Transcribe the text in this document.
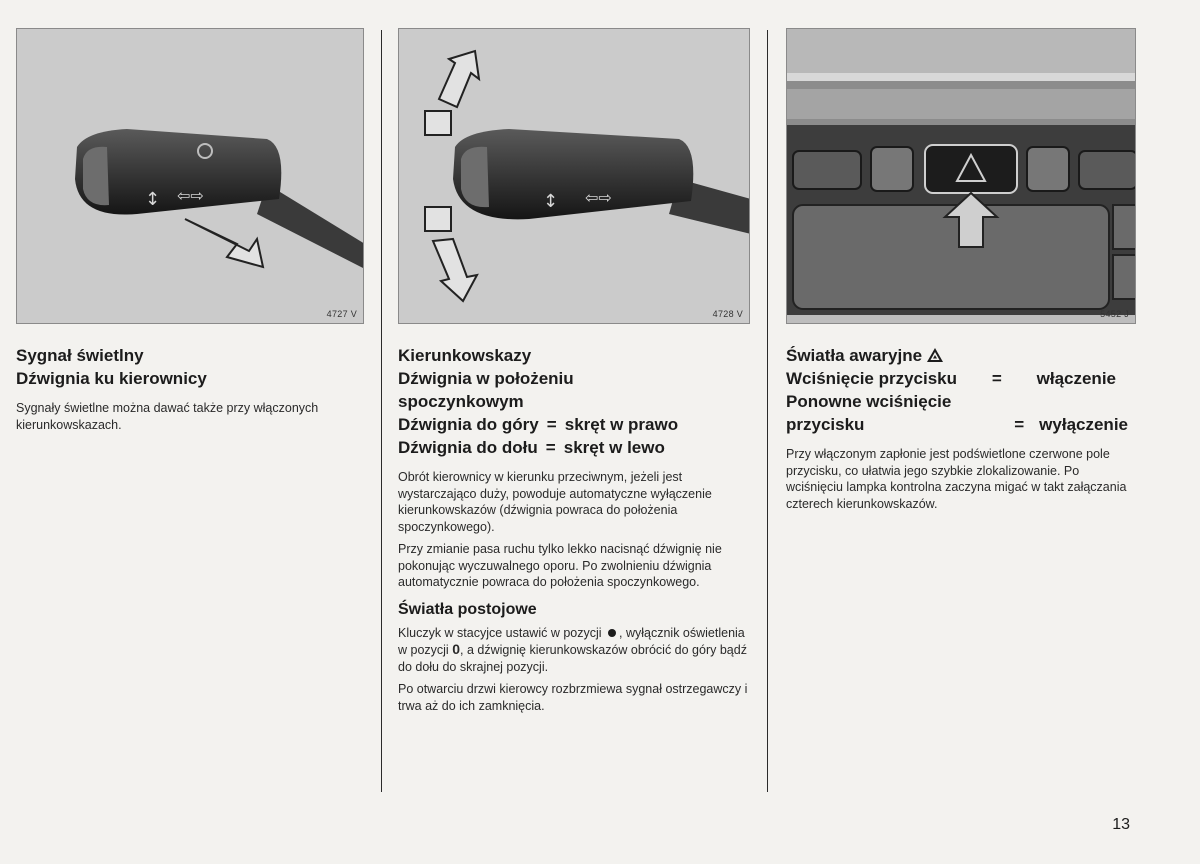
⇦⇨
↕
4727 V

Sygnał świetlny

Dźwignia ku kierownicy

Sygnały świetlne można dawać także przy włączonych kierunkowskazach.

⇦⇨
↕
4728 V

Kierunkowskazy

Dźwignia w położeniu

spoczynkowym

Dźwignia do góry = skręt w prawo
Dźwignia do dołu = skręt w lewo

Obrót kierownicy w kierunku przeciwnym, jeżeli jest wystarczająco duży, powoduje automatyczne wyłączenie kierunkowskazów (dźwignia powraca do położenia spoczynkowego).

Przy zmianie pasa ruchu tylko lekko nacisnąć dźwignię nie pokonując wyczuwalnego oporu. Po zwolnieniu dźwignia automatycznie powraca do położenia spoczynkowego.

Światła postojowe

Kluczyk w stacyjce ustawić w pozycji , wyłącznik oświetlenia w pozycji 0, a dźwignię kierunkowskazów obrócić do góry bądź do dołu do skrajnej pozycji.

Po otwarciu drzwi kierowcy rozbrzmiewa sygnał ostrzegawczy i trwa aż do ich zamknięcia.

5452 J

Światła awaryjne

Wciśnięcie przycisku	=	włączenie

Ponowne wciśnięcie

przycisku	= wyłączenie

Przy włączonym zapłonie jest podświetlone czerwone pole przycisku, co ułatwia jego szybkie zlokalizowanie. Po wciśnięciu lampka kontrolna zaczyna migać w takt załączania czterech kierunkowskazów.

13
